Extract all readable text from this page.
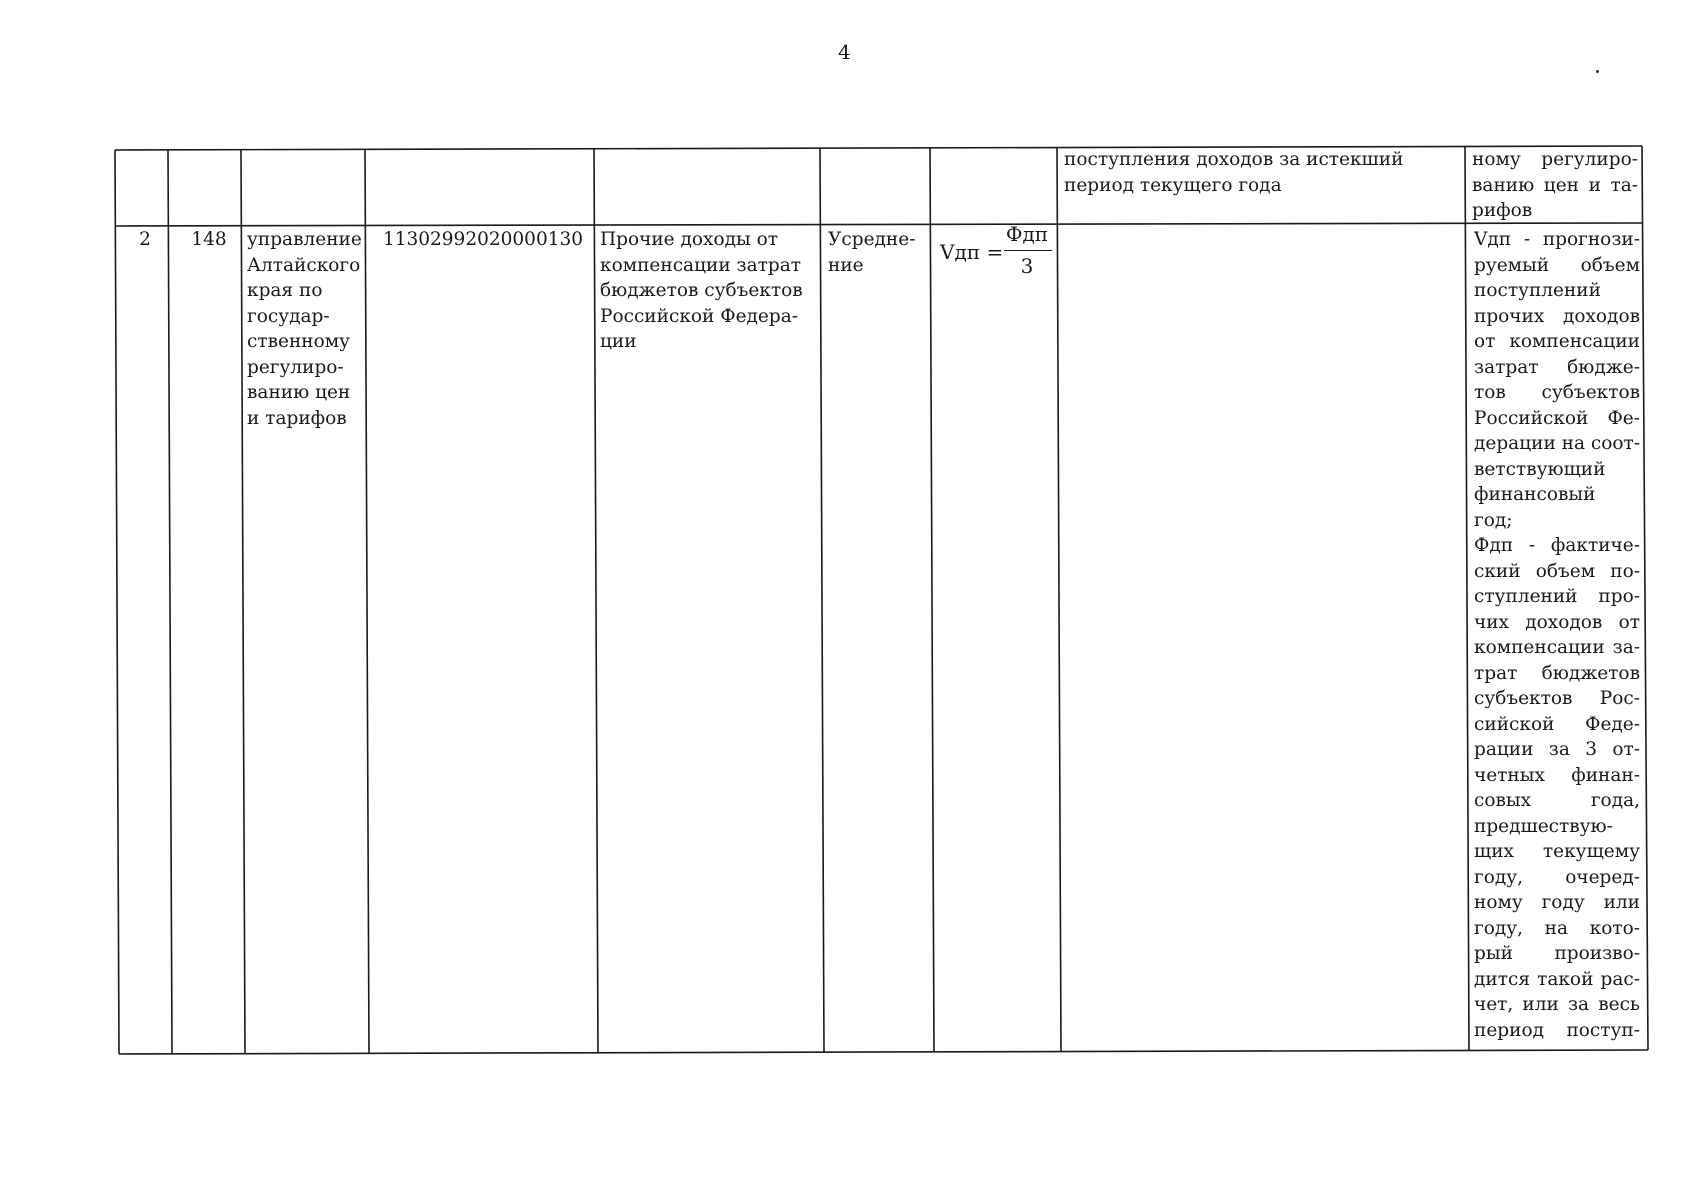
4
поступления доходов за истекший период текущего года
ному регулиро-
ванию цен и та-
рифов
2	148	управление
Алтайского
края по
государ-
ственному
регулиро-
ванию цен
и тарифов
11302992020000130 Прочие доходы от
компенсации затрат
бюджетов субъектов
Российской Федера-
ции
Усредне-
ние
Vдп =
Фдп
3
Vдп - прогнози-
руемый объем
поступлений
прочих доходов
от компенсации
затрат бюдже-
тов субъектов
Российской Фе-
дерации на соот-
ветствующий
финансовый
год;
Фдп - фактиче-
ский объем по-
ступлений про-
чих доходов от
компенсации за-
трат бюджетов
субъектов Рос-
сийской Феде-
рации за 3 от-
четных финан-
совых года,
предшествую-
щих текущему
году, очеред-
ному году или
году, на кото-
рый произво-
дится такой рас-
чет, или за весь
период поступ-
